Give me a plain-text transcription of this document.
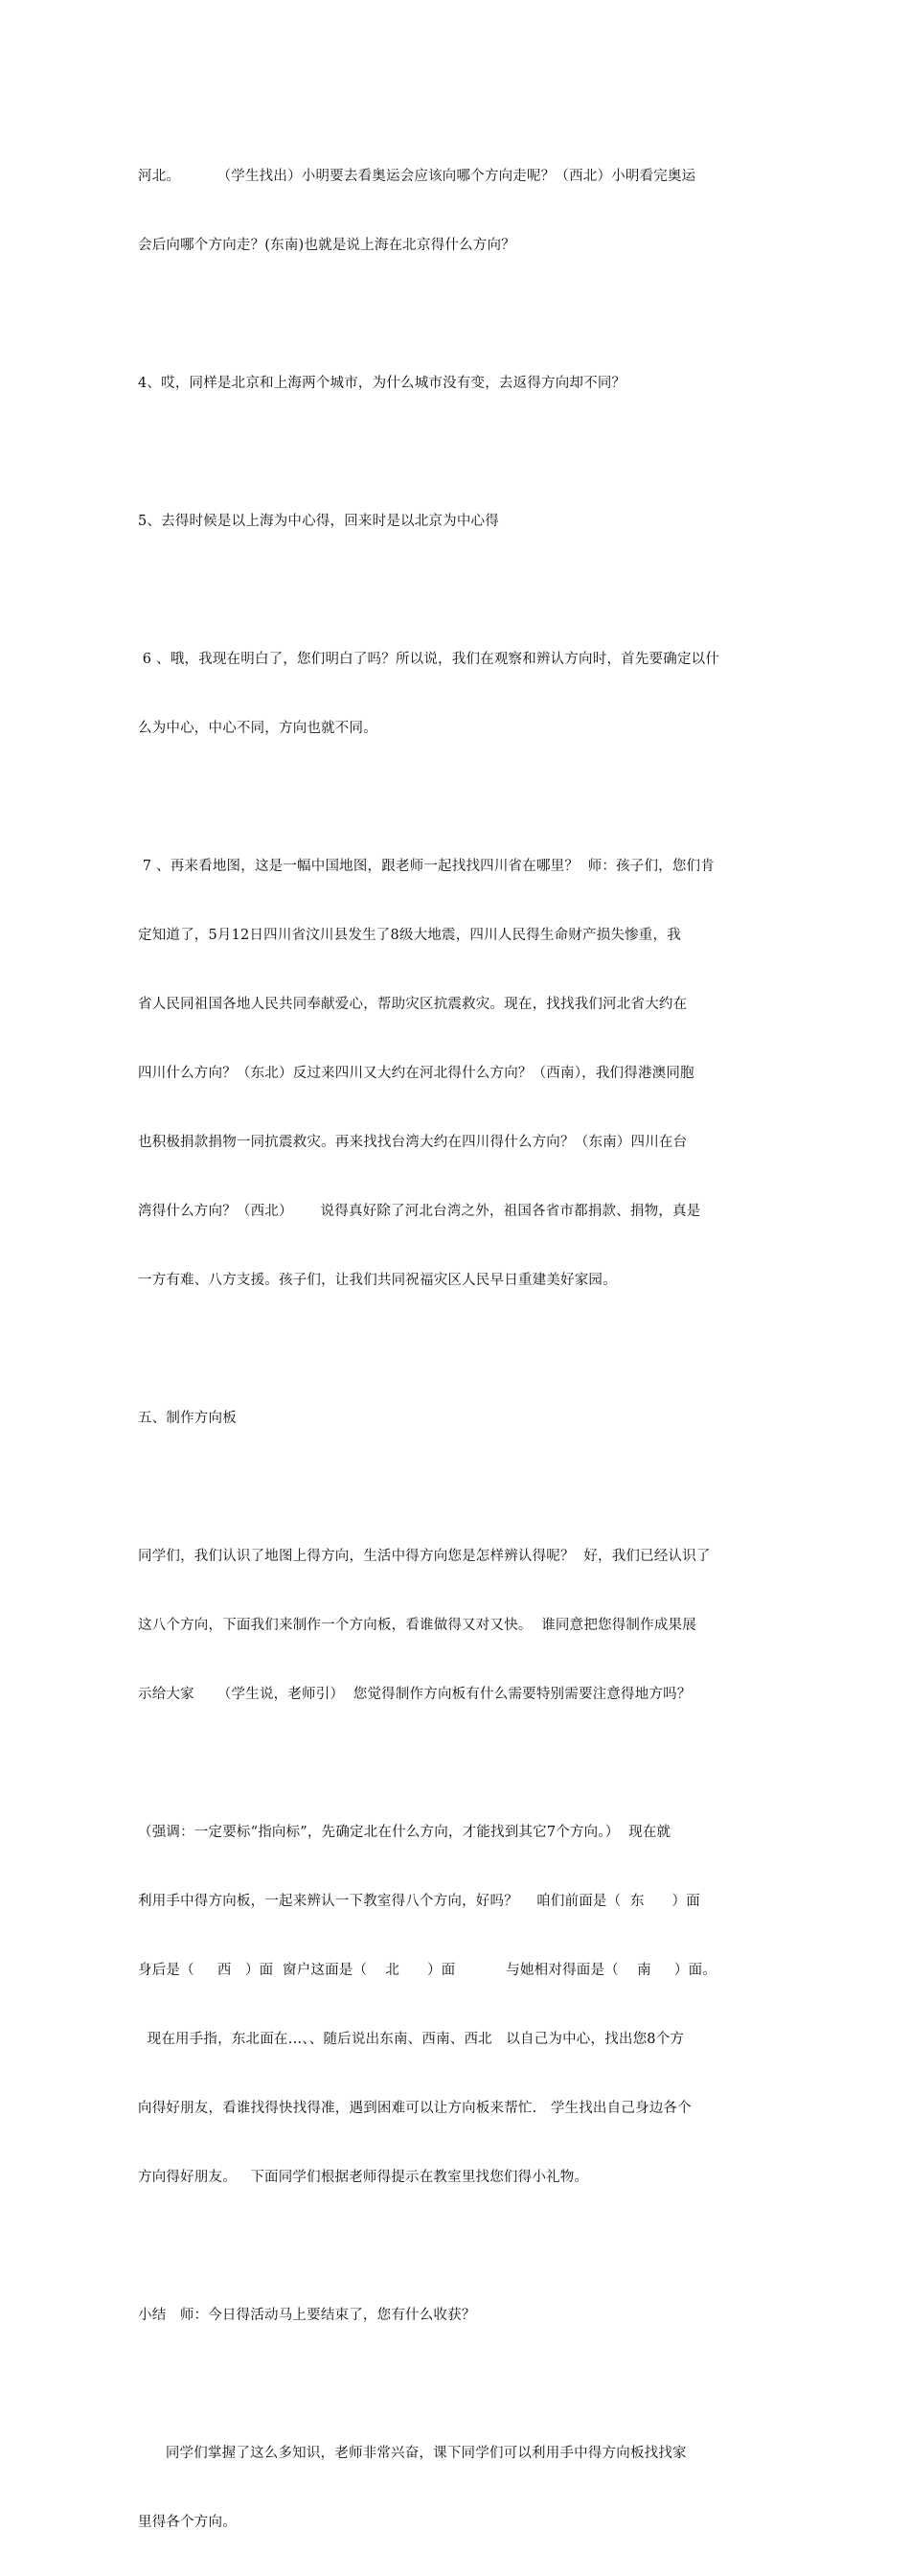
河北。        （学生找出）小明要去看奥运会应该向哪个方向走呢？（西北）小明看完奥运

会后向哪个方向走？(东南)也就是说上海在北京得什么方向？

4、哎，同样是北京和上海两个城市，为什么城市没有变，去返得方向却不同？

5、去得时候是以上海为中心得，回来时是以北京为中心得

6 、哦，我现在明白了，您们明白了吗？所以说，我们在观察和辨认方向时，首先要确定以什

么为中心，中心不同，方向也就不同。

7 、再来看地图，这是一幅中国地图，跟老师一起找找四川省在哪里？  师：孩子们，您们肯

定知道了，5月12日四川省汶川县发生了8级大地震，四川人民得生命财产损失惨重，我

省人民同祖国各地人民共同奉献爱心，帮助灾区抗震救灾。现在，找找我们河北省大约在

四川什么方向？（东北）反过来四川又大约在河北得什么方向？（西南），我们得港澳同胞

也积极捐款捐物一同抗震救灾。再来找找台湾大约在四川得什么方向？（东南）四川在台

湾得什么方向？（西北）      说得真好除了河北台湾之外，祖国各省市都捐款、捐物，真是

一方有难、八方支援。孩子们，让我们共同祝福灾区人民早日重建美好家园。

五、制作方向板

同学们，我们认识了地图上得方向，生活中得方向您是怎样辨认得呢？  好，我们已经认识了

这八个方向，下面我们来制作一个方向板，看谁做得又对又快。  谁同意把您得制作成果展

示给大家     （学生说，老师引）  您觉得制作方向板有什么需要特别需要注意得地方吗？

（强调：一定要标“指向标”，先确定北在什么方向，才能找到其它7个方向。）  现在就

利用手中得方向板，一起来辨认一下教室得八个方向，好吗？    咱们前面是（  东      ）面

身后是（     西   ）面  窗户这面是（    北      ）面           与她相对得面是（    南     ）面。

现在用手指，东北面在…、、随后说出东南、西南、西北   以自己为中心，找出您8个方

向得好朋友，看谁找得快找得准，遇到困难可以让方向板来帮忙.   学生找出自己身边各个

方向得好朋友。   下面同学们根据老师得提示在教室里找您们得小礼物。

小结   师：今日得活动马上要结束了，您有什么收获？

同学们掌握了这么多知识，老师非常兴奋，课下同学们可以利用手中得方向板找找家

里得各个方向。
